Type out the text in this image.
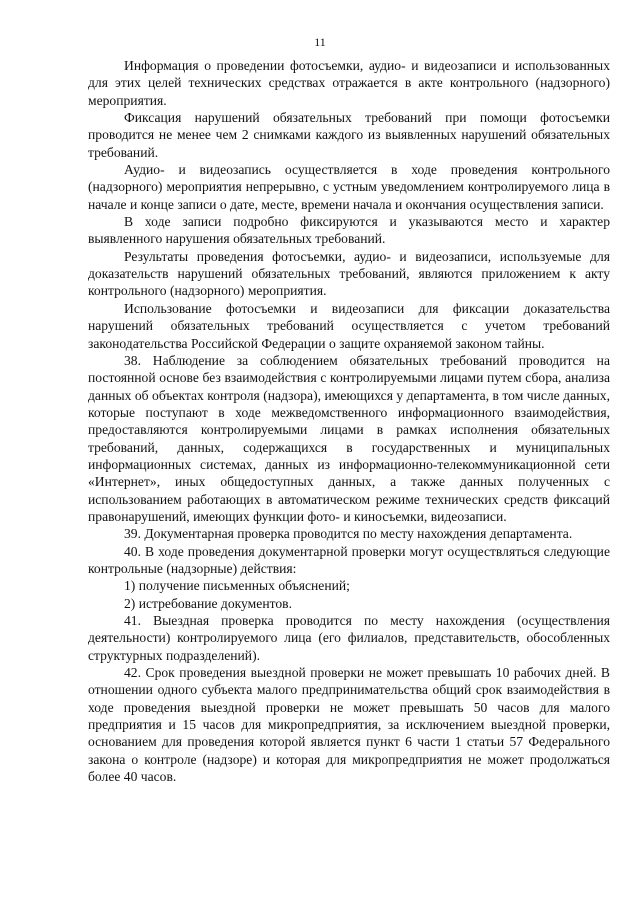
11

Информация о проведении фотосъемки, аудио- и видеозаписи и использованных для этих целей технических средствах отражается в акте контрольного (надзорного) мероприятия.

Фиксация нарушений обязательных требований при помощи фотосъемки проводится не менее чем 2 снимками каждого из выявленных нарушений обязательных требований.

Аудио- и видеозапись осуществляется в ходе проведения контрольного (надзорного) мероприятия непрерывно, с устным уведомлением контролируемого лица в начале и конце записи о дате, месте, времени начала и окончания осуществления записи.

В ходе записи подробно фиксируются и указываются место и характер выявленного нарушения обязательных требований.

Результаты проведения фотосъемки, аудио- и видеозаписи, используемые для доказательств нарушений обязательных требований, являются приложением к акту контрольного (надзорного) мероприятия.

Использование фотосъемки и видеозаписи для фиксации доказательства нарушений обязательных требований осуществляется с учетом требований законодательства Российской Федерации о защите охраняемой законом тайны.

38. Наблюдение за соблюдением обязательных требований проводится на постоянной основе без взаимодействия с контролируемыми лицами путем сбора, анализа данных об объектах контроля (надзора), имеющихся у департамента, в том числе данных, которые поступают в ходе межведомственного информационного взаимодействия, предоставляются контролируемыми лицами в рамках исполнения обязательных требований, данных, содержащихся в государственных и муниципальных информационных системах, данных из информационно-телекоммуникационной сети «Интернет», иных общедоступных данных, а также данных полученных с использованием работающих в автоматическом режиме технических средств фиксаций правонарушений, имеющих функции фото- и киносъемки, видеозаписи.

39. Документарная проверка проводится по месту нахождения департамента.

40. В ходе проведения документарной проверки могут осуществляться следующие контрольные (надзорные) действия:

1) получение письменных объяснений;

2) истребование документов.

41. Выездная проверка проводится по месту нахождения (осуществления деятельности) контролируемого лица (его филиалов, представительств, обособленных структурных подразделений).

42. Срок проведения выездной проверки не может превышать 10 рабочих дней. В отношении одного субъекта малого предпринимательства общий срок взаимодействия в ходе проведения выездной проверки не может превышать 50 часов для малого предприятия и 15 часов для микропредприятия, за исключением выездной проверки, основанием для проведения которой является пункт 6 части 1 статьи 57 Федерального закона о контроле (надзоре) и которая для микропредприятия не может продолжаться более 40 часов.
